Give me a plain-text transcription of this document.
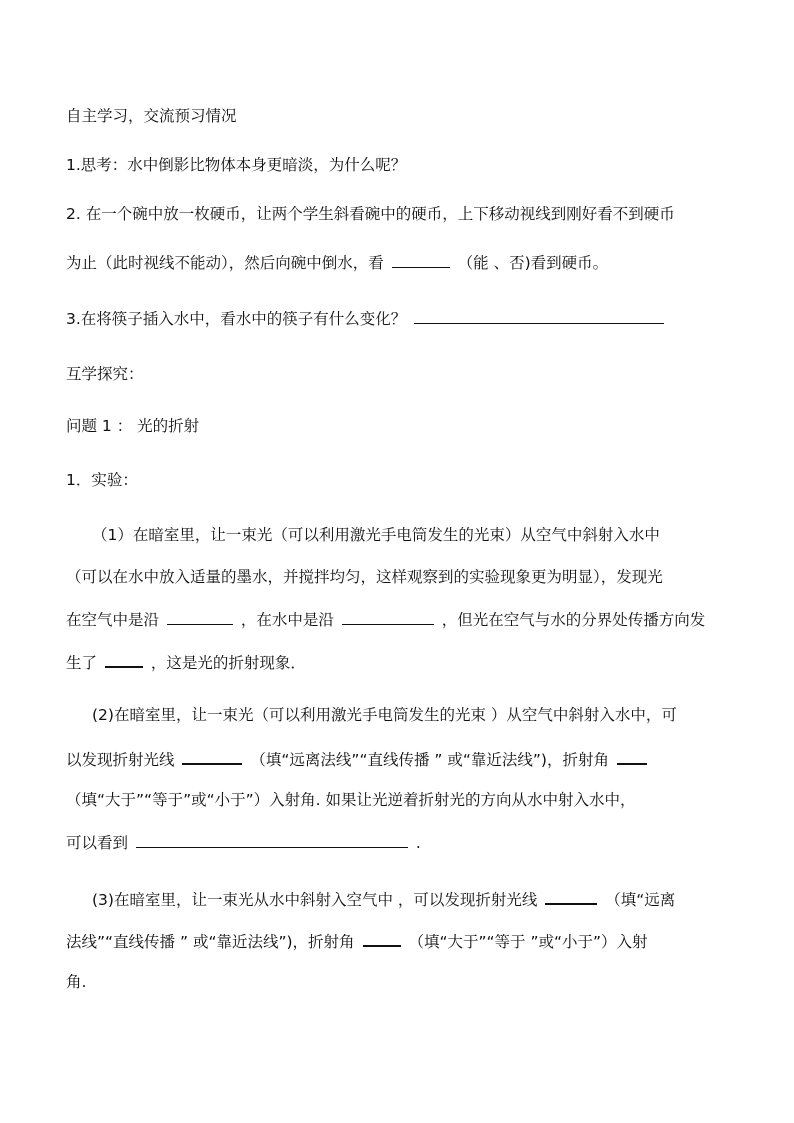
自主学习，交流预习情况
1.思考：水中倒影比物体本身更暗淡，为什么呢？
2. 在一个碗中放一枚硬币，让两个学生斜看碗中的硬币，上下移动视线到刚好看不到硬币
为止（此时视线不能动），然后向碗中倒水，看	（能 、否)看到硬币。
3.在将筷子插入水中，看水中的筷子有什么变化？
互学探究：
问题 1 ： 光的折射
1．实验：
（1）在暗室里，让一束光（可以利用激光手电筒发生的光束）从空气中斜射入水中
（可以在水中放入适量的墨水，并搅拌均匀，这样观察到的实验现象更为明显），发现光
在空气中是沿	，在水中是沿	，但光在空气与水的分界处传播方向发
生了	，这是光的折射现象．
(2)在暗室里，让一束光（可以利用激光手电筒发生的光束 ）从空气中斜射入水中，可
以发现折射光线	（填“远离法线”“直线传播 ” 或“靠近法线”)，折射角
（填“大于”“等于”或“小于”）入射角. 如果让光逆着折射光的方向从水中射入水中，
可以看到	.
(3)在暗室里，让一束光从水中斜射入空气中 ，可以发现折射光线	（填“远离
法线”“直线传播 ” 或“靠近法线”)，折射角	（填“大于”“等于 ”或“小于”）入射
角.
